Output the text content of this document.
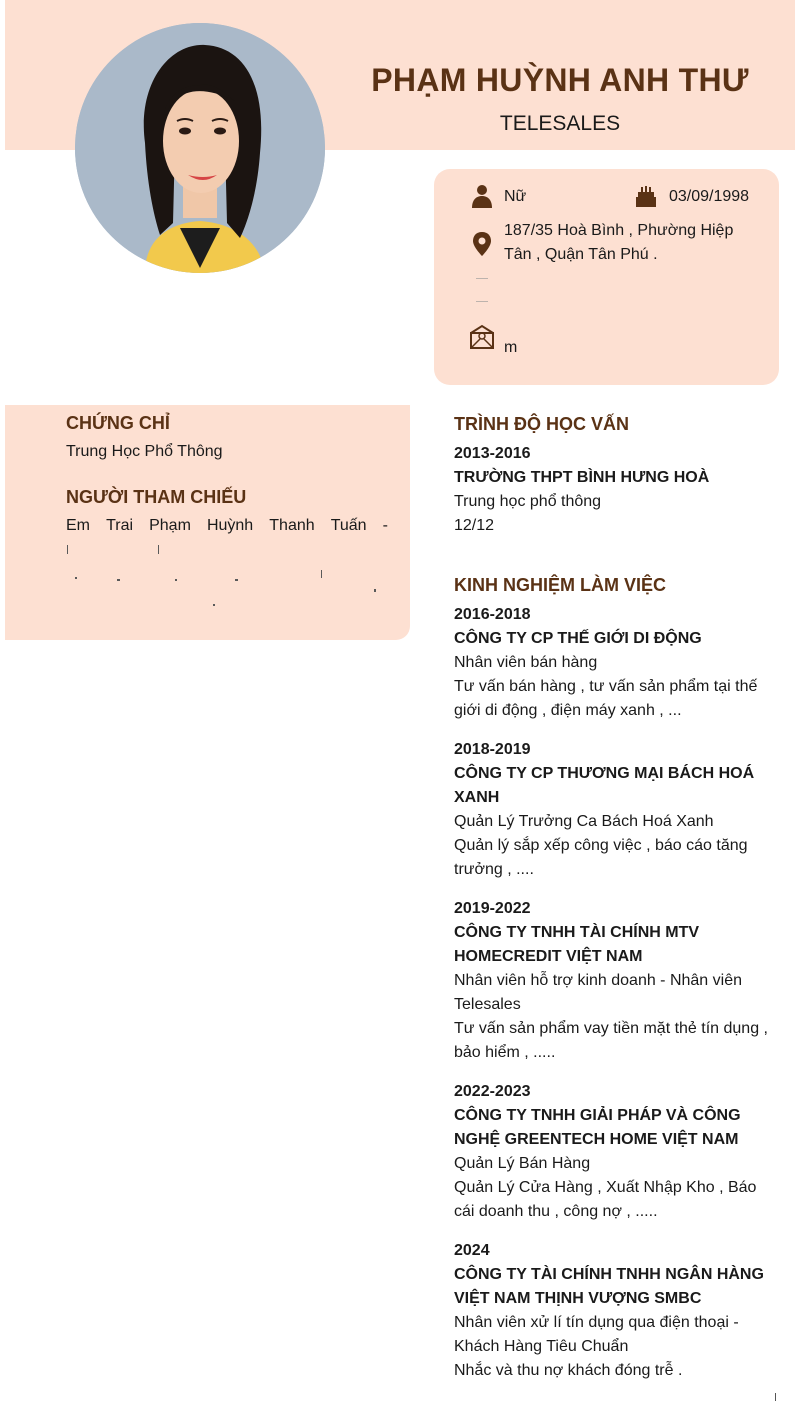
PHẠM HUỲNH ANH THƯ
TELESALES
Nữ	03/09/1998
187/35 Hoà Bình , Phường Hiệp
Tân , Quận Tân Phú .
m
CHỨNG CHỈ
Trung Học Phổ Thông
NGƯỜI THAM CHIẾU
Em Trai Phạm Huỳnh Thanh Tuấn -
TRÌNH ĐỘ HỌC VẤN
2013-2016
TRƯỜNG THPT BÌNH HƯNG HOÀ
Trung học phổ thông
12/12
KINH NGHIỆM LÀM VIỆC
2016-2018
CÔNG TY CP THẾ GIỚI DI ĐỘNG
Nhân viên bán hàng
Tư vấn bán hàng , tư vấn sản phẩm tại thế giới di động , điện máy xanh , ...
2018-2019
CÔNG TY CP THƯƠNG MẠI BÁCH HOÁ XANH
Quản Lý Trưởng Ca Bách Hoá Xanh
Quản lý sắp xếp công việc , báo cáo tăng trưởng , ....
2019-2022
CÔNG TY TNHH TÀI CHÍNH MTV HOMECREDIT VIỆT NAM
Nhân viên hỗ trợ kinh doanh - Nhân viên Telesales
Tư vấn sản phẩm vay tiền mặt thẻ tín dụng , bảo hiểm , .....
2022-2023
CÔNG TY TNHH GIẢI PHÁP VÀ CÔNG NGHỆ GREENTECH HOME VIỆT NAM
Quản Lý Bán Hàng
Quản Lý Cửa Hàng , Xuất Nhập Kho , Báo cái doanh thu , công nợ , .....
2024
CÔNG TY TÀI CHÍNH TNHH NGÂN HÀNG VIỆT NAM THỊNH VƯỢNG SMBC
Nhân viên xử lí tín dụng qua điện thoại - Khách Hàng Tiêu Chuẩn
Nhắc và thu nợ khách đóng trễ .
